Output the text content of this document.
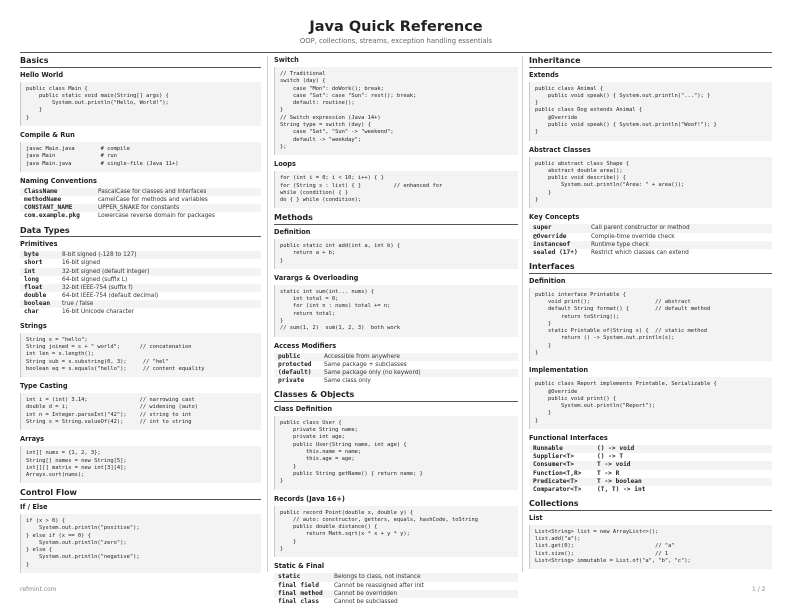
Java Quick Reference
OOP, collections, streams, exception handling essentials
Basics
Hello World
public class Main {
public static void main(String[] args) {
System.out.println("Hello, World!");
}
}
Compile & Run
javac Main.java        # compile
java Main              # run
java Main.java         # single-file (Java 11+)
Naming Conventions
ClassName	PascalCase for classes and interfaces
methodName	camelCase for methods and variables
CONSTANT_NAME	UPPER_SNAKE for constants
com.example.pkg	Lowercase reverse domain for packages
Data Types
Primitives
byte	8-bit signed (-128 to 127)
short	16-bit signed
int	32-bit signed (default integer)
long	64-bit signed (suffix L)
float	32-bit IEEE-754 (suffix f)
double	64-bit IEEE-754 (default decimal)
boolean	true / false
char	16-bit Unicode character
Strings
String s = "hello";
String joined = s + " world";      // concatenation
int len = s.length();
String sub = s.substring(0, 3);     // "hel"
boolean eq = s.equals("hello");     // content equality
Type Casting
int i = (int) 3.14;                // narrowing cast
double d = i;                      // widening (auto)
int n = Integer.parseInt("42");    // string to int
String s = String.valueOf(42);     // int to string
Arrays
int[] nums = {1, 2, 3};
String[] names = new String[5];
int[][] matrix = new int[3][4];
Arrays.sort(nums);
Control Flow
If / Else
if (x > 0) {
System.out.println("positive");
} else if (x == 0) {
System.out.println("zero");
} else {
System.out.println("negative");
}
Switch
// Traditional
switch (day) {
case "Mon": doWork(); break;
case "Sat": case "Sun": rest(); break;
default: routine();
}
// Switch expression (Java 14+)
String type = switch (day) {
case "Sat", "Sun" -> "weekend";
default -> "weekday";
};
Loops
for (int i = 0; i < 10; i++) { }
for (String s : list) { }          // enhanced for
while (condition) { }
do { } while (condition);
Methods
Definition
public static int add(int a, int b) {
return a + b;
}
Varargs & Overloading
static int sum(int... nums) {
int total = 0;
for (int n : nums) total += n;
return total;
}
// sum(1, 2)  sum(1, 2, 3)  both work
Access Modifiers
public	Accessible from anywhere
protected	Same package + subclasses
(default)	Same package only (no keyword)
private	Same class only
Classes & Objects
Class Definition
public class User {
private String name;
private int age;
public User(String name, int age) {
this.name = name;
this.age = age;
}
public String getName() { return name; }
}
Records (Java 16+)
public record Point(double x, double y) {
// auto: constructor, getters, equals, hashCode, toString
public double distance() {
return Math.sqrt(x * x + y * y);
}
}
Static & Final
static	Belongs to class, not instance
final field	Cannot be reassigned after init
final method	Cannot be overridden
final class	Cannot be subclassed
Inheritance
Extends
public class Animal {
public void speak() { System.out.println("..."); }
}
public class Dog extends Animal {
@Override
public void speak() { System.out.println("Woof!"); }
}
Abstract Classes
public abstract class Shape {
abstract double area();
public void describe() {
System.out.println("Area: " + area());
}
}
Key Concepts
super	Call parent constructor or method
@Override	Compile-time override check
instanceof	Runtime type check
sealed (17+)	Restrict which classes can extend
Interfaces
Definition
public interface Printable {
void print();                    // abstract
default String format() {        // default method
return toString();
}
static Printable of(String s) {  // static method
return () -> System.out.println(s);
}
}
Implementation
public class Report implements Printable, Serializable {
@Override
public void print() {
System.out.println("Report");
}
}
Functional Interfaces
Runnable	() -> void
Supplier<T>	() -> T
Consumer<T>	T -> void
Function<T,R>	T -> R
Predicate<T>	T -> boolean
Comparator<T>	(T, T) -> int
Collections
List
List<String> list = new ArrayList<>();
list.add("a");
list.get(0);                         // "a"
list.size();                         // 1
List<String> immutable = List.of("a", "b", "c");
refmint.com	1 / 2
